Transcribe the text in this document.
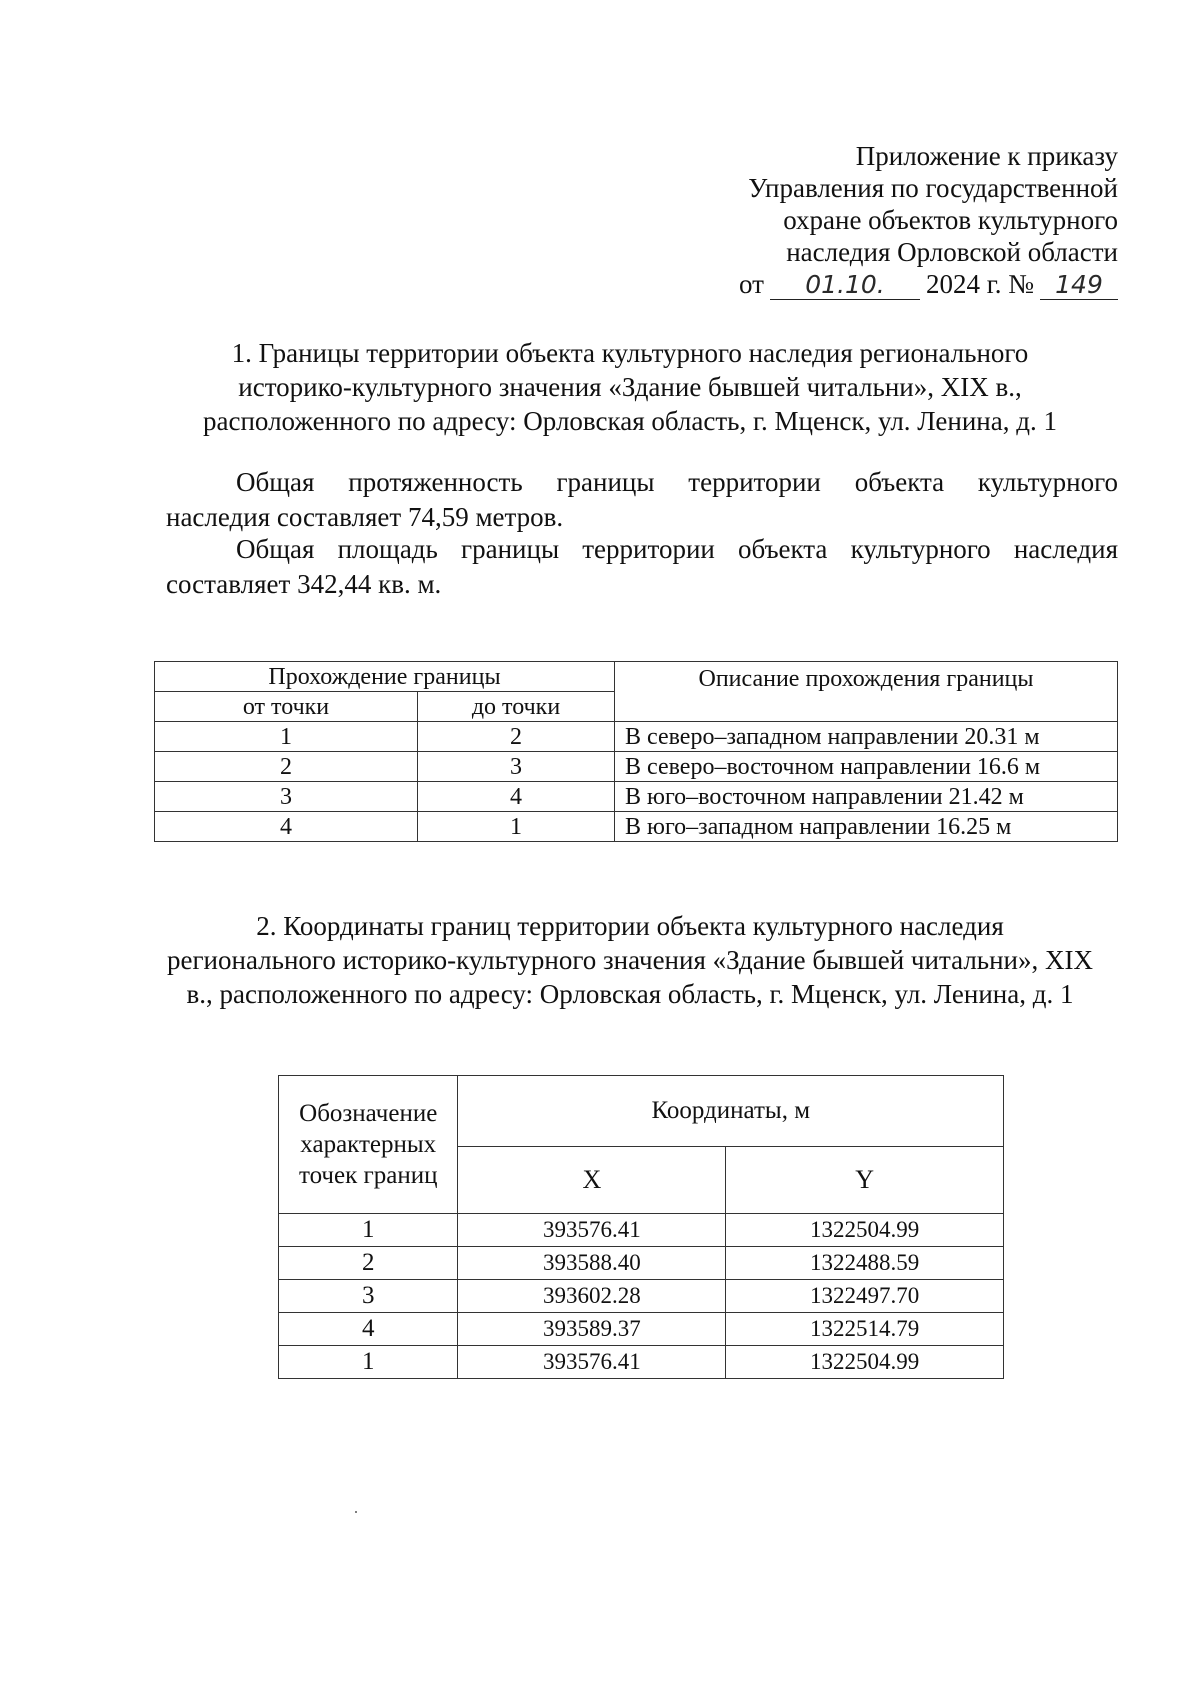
Приложение к приказу
Управления по государственной
охране объектов культурного
наследия Орловской области
от 01.10. 2024 г. № 149
1. Границы территории объекта культурного наследия регионального
историко-культурного значения «Здание бывшей читальни», XIX в.,
расположенного по адресу: Орловская область, г. Мценск, ул. Ленина, д. 1
Общая протяженность границы территории объекта культурного
наследия составляет 74,59 метров.
Общая площадь границы территории объекта культурного наследия
составляет 342,44 кв. м.
Прохождение границы		Описание прохождения границы
от точки	до точки	
1	2	В северо–западном направлении 20.31 м
2	3	В северо–восточном направлении 16.6 м
3	4	В юго–восточном направлении 21.42 м
4	1	В юго–западном направлении 16.25 м
2. Координаты границ территории объекта культурного наследия
регионального историко-культурного значения «Здание бывшей читальни», XIX
в., расположенного по адресу: Орловская область, г. Мценск, ул. Ленина, д. 1
Обозначение характерных точек границ	Координаты, м	
	X	Y
1	393576.41	1322504.99
2	393588.40	1322488.59
3	393602.28	1322497.70
4	393589.37	1322514.79
1	393576.41	1322504.99
